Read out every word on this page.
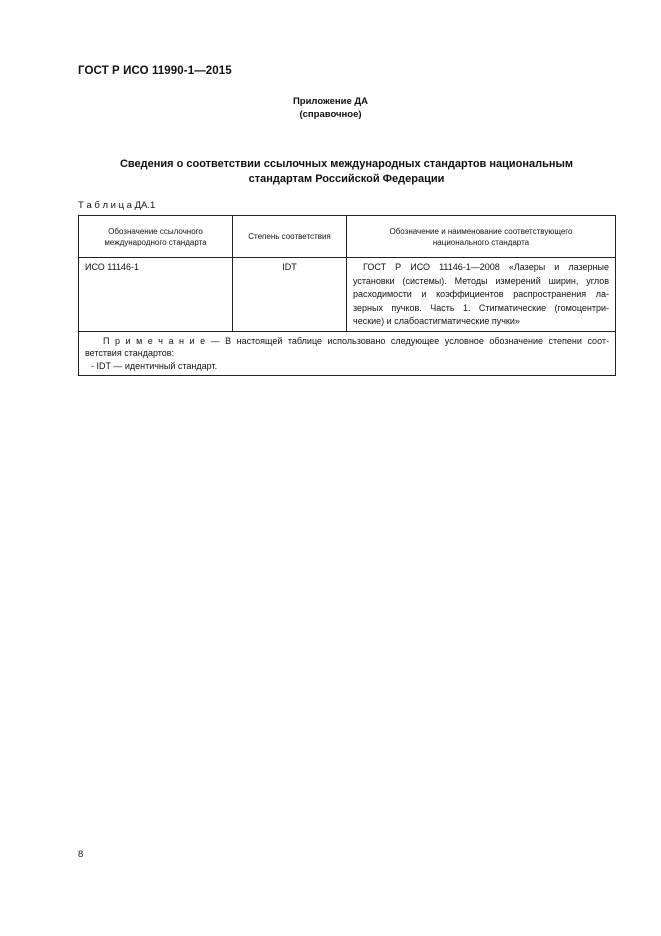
ГОСТ Р ИСО 11990-1—2015
Приложение ДА
(справочное)
Сведения о соответствии ссылочных международных стандартов национальным
стандартам Российской Федерации
Т а б л и ц а ДА.1
Обозначение ссылочного
международного стандарта	Степень соответствия	Обозначение и наименование соответствующего
национального стандарта

ИСО 11146-1	IDT	ГОСТ Р ИСО 11146-1—2008 «Лазеры и лазерные
установки (системы). Методы измерений ширин, углов
расходимости и коэффициентов распространения ла-
зерных пучков. Часть 1. Стигматические (гомоцентри-
ческие) и слабоастигматические пучки»

П р и м е ч а н и е — В настоящей таблице использовано следующее условное обозначение степени соот-
ветствия стандартов:
- IDT — идентичный стандарт.		
8
